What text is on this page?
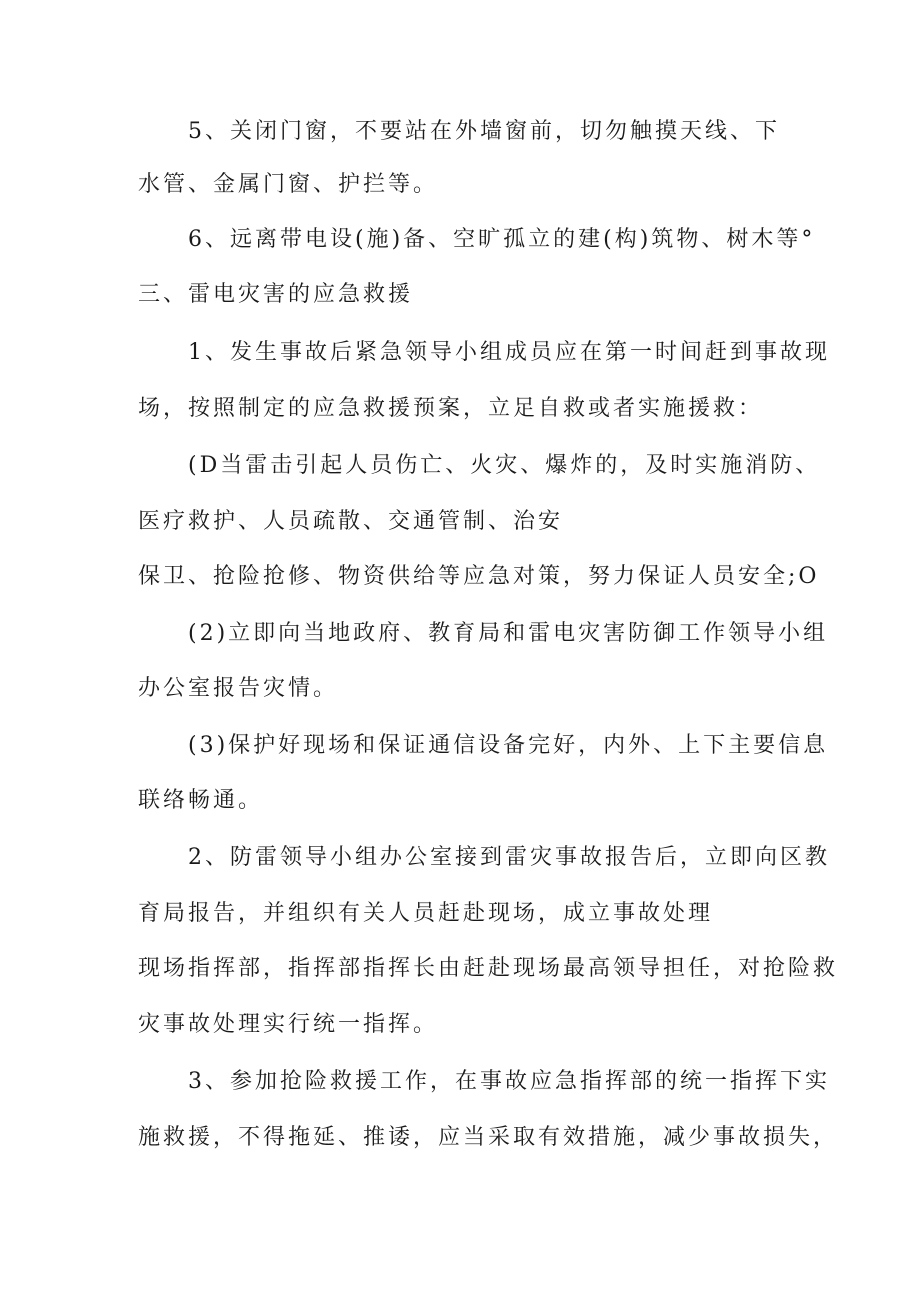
5、关闭门窗，不要站在外墙窗前，切勿触摸天线、下
水管、金属门窗、护拦等。
6、远离带电设(施)备、空旷孤立的建(构)筑物、树木等°
三、雷电灾害的应急救援
1、发生事故后紧急领导小组成员应在第一时间赶到事故现
场，按照制定的应急救援预案，立足自救或者实施援救：
(D当雷击引起人员伤亡、火灾、爆炸的，及时实施消防、
医疗救护、人员疏散、交通管制、治安
保卫、抢险抢修、物资供给等应急对策，努力保证人员安全;O
(2)立即向当地政府、教育局和雷电灾害防御工作领导小组
办公室报告灾情。
(3)保护好现场和保证通信设备完好，内外、上下主要信息
联络畅通。
2、防雷领导小组办公室接到雷灾事故报告后，立即向区教
育局报告，并组织有关人员赶赴现场，成立事故处理
现场指挥部，指挥部指挥长由赶赴现场最高领导担任，对抢险救
灾事故处理实行统一指挥。
3、参加抢险救援工作，在事故应急指挥部的统一指挥下实
施救援，不得拖延、推诿，应当采取有效措施，减少事故损失，
